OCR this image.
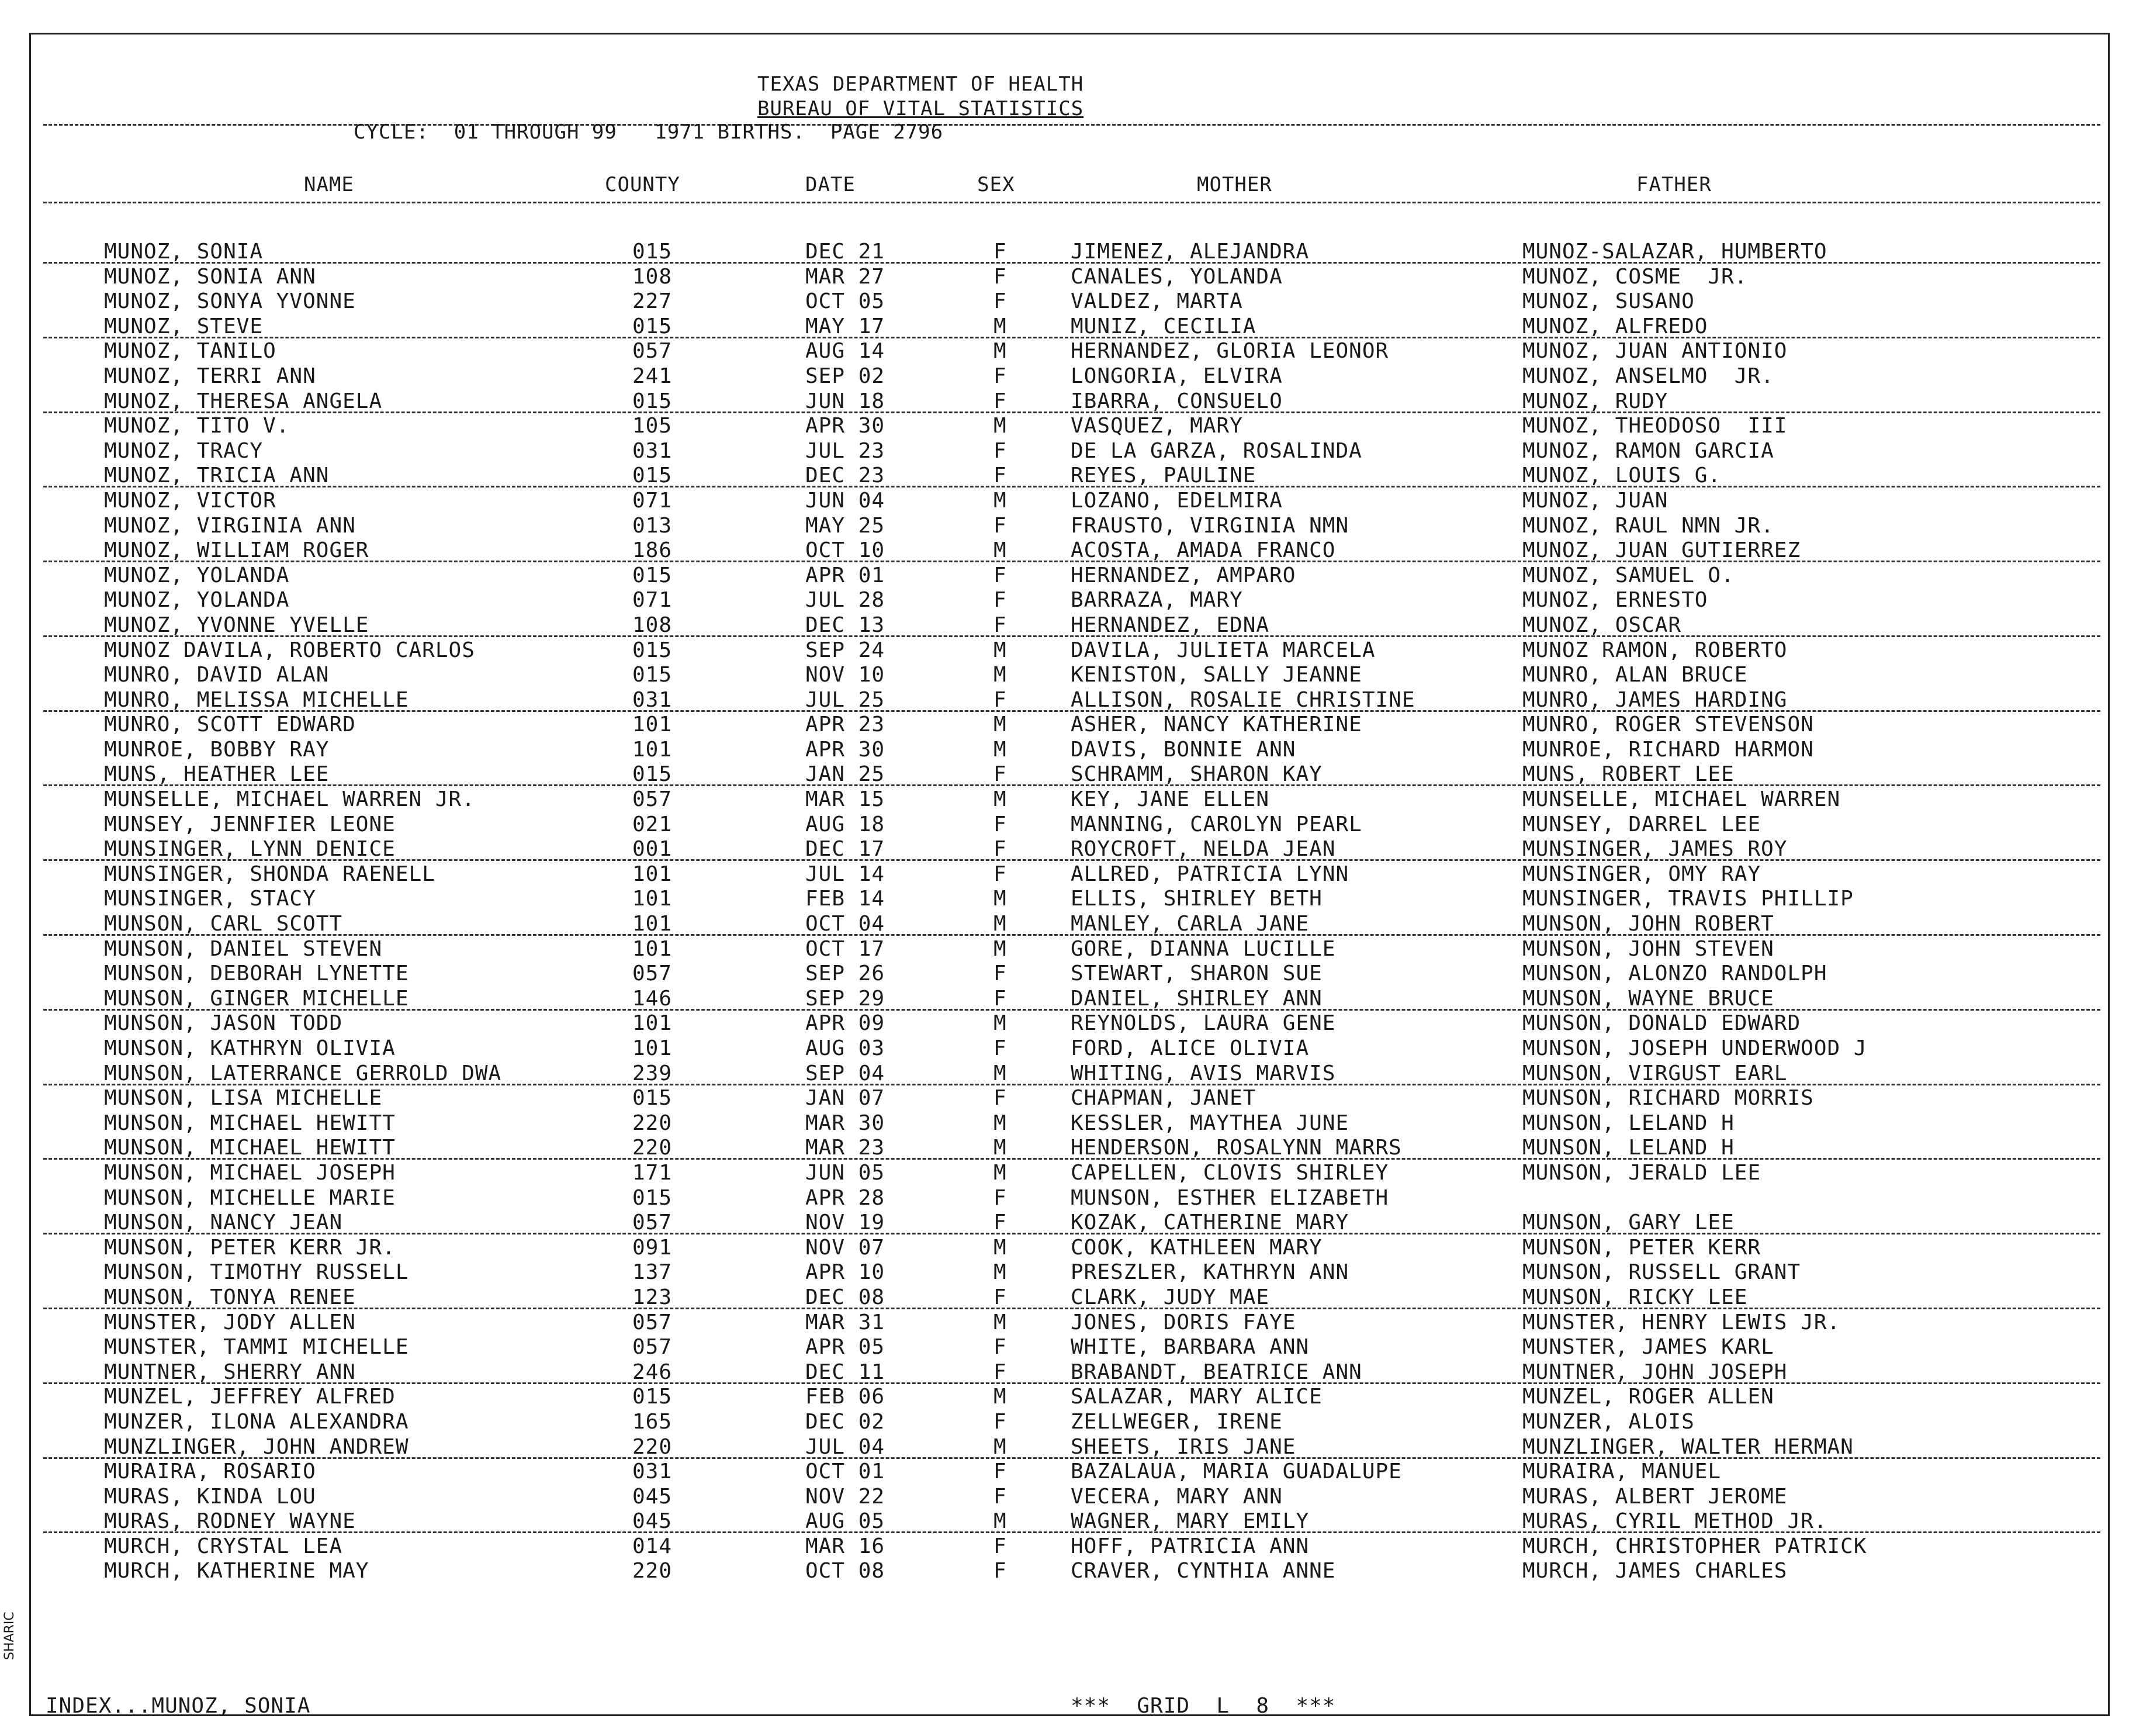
TEXAS DEPARTMENT OF HEALTH
BUREAU OF VITAL STATISTICS
CYCLE:  01 THROUGH 99   1971 BIRTHS.  PAGE 2796
NAME	COUNTY	DATE	SEX	MOTHER	FATHER
MUNOZ, SONIA	015	DEC 21	F	JIMENEZ, ALEJANDRA	MUNOZ-SALAZAR, HUMBERTO
MUNOZ, SONIA ANN	108	MAR 27	F	CANALES, YOLANDA	MUNOZ, COSME  JR.
MUNOZ, SONYA YVONNE	227	OCT 05	F	VALDEZ, MARTA	MUNOZ, SUSANO
MUNOZ, STEVE	015	MAY 17	M	MUNIZ, CECILIA	MUNOZ, ALFREDO
MUNOZ, TANILO	057	AUG 14	M	HERNANDEZ, GLORIA LEONOR	MUNOZ, JUAN ANTIONIO
MUNOZ, TERRI ANN	241	SEP 02	F	LONGORIA, ELVIRA	MUNOZ, ANSELMO  JR.
MUNOZ, THERESA ANGELA	015	JUN 18	F	IBARRA, CONSUELO	MUNOZ, RUDY
MUNOZ, TITO V.	105	APR 30	M	VASQUEZ, MARY	MUNOZ, THEODOSO  III
MUNOZ, TRACY	031	JUL 23	F	DE LA GARZA, ROSALINDA	MUNOZ, RAMON GARCIA
MUNOZ, TRICIA ANN	015	DEC 23	F	REYES, PAULINE	MUNOZ, LOUIS G.
MUNOZ, VICTOR	071	JUN 04	M	LOZANO, EDELMIRA	MUNOZ, JUAN
MUNOZ, VIRGINIA ANN	013	MAY 25	F	FRAUSTO, VIRGINIA NMN	MUNOZ, RAUL NMN JR.
MUNOZ, WILLIAM ROGER	186	OCT 10	M	ACOSTA, AMADA FRANCO	MUNOZ, JUAN GUTIERREZ
MUNOZ, YOLANDA	015	APR 01	F	HERNANDEZ, AMPARO	MUNOZ, SAMUEL O.
MUNOZ, YOLANDA	071	JUL 28	F	BARRAZA, MARY	MUNOZ, ERNESTO
MUNOZ, YVONNE YVELLE	108	DEC 13	F	HERNANDEZ, EDNA	MUNOZ, OSCAR
MUNOZ DAVILA, ROBERTO CARLOS	015	SEP 24	M	DAVILA, JULIETA MARCELA	MUNOZ RAMON, ROBERTO
MUNRO, DAVID ALAN	015	NOV 10	M	KENISTON, SALLY JEANNE	MUNRO, ALAN BRUCE
MUNRO, MELISSA MICHELLE	031	JUL 25	F	ALLISON, ROSALIE CHRISTINE	MUNRO, JAMES HARDING
MUNRO, SCOTT EDWARD	101	APR 23	M	ASHER, NANCY KATHERINE	MUNRO, ROGER STEVENSON
MUNROE, BOBBY RAY	101	APR 30	M	DAVIS, BONNIE ANN	MUNROE, RICHARD HARMON
MUNS, HEATHER LEE	015	JAN 25	F	SCHRAMM, SHARON KAY	MUNS, ROBERT LEE
MUNSELLE, MICHAEL WARREN JR.	057	MAR 15	M	KEY, JANE ELLEN	MUNSELLE, MICHAEL WARREN
MUNSEY, JENNFIER LEONE	021	AUG 18	F	MANNING, CAROLYN PEARL	MUNSEY, DARREL LEE
MUNSINGER, LYNN DENICE	001	DEC 17	F	ROYCROFT, NELDA JEAN	MUNSINGER, JAMES ROY
MUNSINGER, SHONDA RAENELL	101	JUL 14	F	ALLRED, PATRICIA LYNN	MUNSINGER, OMY RAY
MUNSINGER, STACY	101	FEB 14	M	ELLIS, SHIRLEY BETH	MUNSINGER, TRAVIS PHILLIP
MUNSON, CARL SCOTT	101	OCT 04	M	MANLEY, CARLA JANE	MUNSON, JOHN ROBERT
MUNSON, DANIEL STEVEN	101	OCT 17	M	GORE, DIANNA LUCILLE	MUNSON, JOHN STEVEN
MUNSON, DEBORAH LYNETTE	057	SEP 26	F	STEWART, SHARON SUE	MUNSON, ALONZO RANDOLPH
MUNSON, GINGER MICHELLE	146	SEP 29	F	DANIEL, SHIRLEY ANN	MUNSON, WAYNE BRUCE
MUNSON, JASON TODD	101	APR 09	M	REYNOLDS, LAURA GENE	MUNSON, DONALD EDWARD
MUNSON, KATHRYN OLIVIA	101	AUG 03	F	FORD, ALICE OLIVIA	MUNSON, JOSEPH UNDERWOOD J
MUNSON, LATERRANCE GERROLD DWA	239	SEP 04	M	WHITING, AVIS MARVIS	MUNSON, VIRGUST EARL
MUNSON, LISA MICHELLE	015	JAN 07	F	CHAPMAN, JANET	MUNSON, RICHARD MORRIS
MUNSON, MICHAEL HEWITT	220	MAR 30	M	KESSLER, MAYTHEA JUNE	MUNSON, LELAND H
MUNSON, MICHAEL HEWITT	220	MAR 23	M	HENDERSON, ROSALYNN MARRS	MUNSON, LELAND H
MUNSON, MICHAEL JOSEPH	171	JUN 05	M	CAPELLEN, CLOVIS SHIRLEY	MUNSON, JERALD LEE
MUNSON, MICHELLE MARIE	015	APR 28	F	MUNSON, ESTHER ELIZABETH
MUNSON, NANCY JEAN	057	NOV 19	F	KOZAK, CATHERINE MARY	MUNSON, GARY LEE
MUNSON, PETER KERR JR.	091	NOV 07	M	COOK, KATHLEEN MARY	MUNSON, PETER KERR
MUNSON, TIMOTHY RUSSELL	137	APR 10	M	PRESZLER, KATHRYN ANN	MUNSON, RUSSELL GRANT
MUNSON, TONYA RENEE	123	DEC 08	F	CLARK, JUDY MAE	MUNSON, RICKY LEE
MUNSTER, JODY ALLEN	057	MAR 31	M	JONES, DORIS FAYE	MUNSTER, HENRY LEWIS JR.
MUNSTER, TAMMI MICHELLE	057	APR 05	F	WHITE, BARBARA ANN	MUNSTER, JAMES KARL
MUNTNER, SHERRY ANN	246	DEC 11	F	BRABANDT, BEATRICE ANN	MUNTNER, JOHN JOSEPH
MUNZEL, JEFFREY ALFRED	015	FEB 06	M	SALAZAR, MARY ALICE	MUNZEL, ROGER ALLEN
MUNZER, ILONA ALEXANDRA	165	DEC 02	F	ZELLWEGER, IRENE	MUNZER, ALOIS
MUNZLINGER, JOHN ANDREW	220	JUL 04	M	SHEETS, IRIS JANE	MUNZLINGER, WALTER HERMAN
MURAIRA, ROSARIO	031	OCT 01	F	BAZALAUA, MARIA GUADALUPE	MURAIRA, MANUEL
MURAS, KINDA LOU	045	NOV 22	F	VECERA, MARY ANN	MURAS, ALBERT JEROME
MURAS, RODNEY WAYNE	045	AUG 05	M	WAGNER, MARY EMILY	MURAS, CYRIL METHOD JR.
MURCH, CRYSTAL LEA	014	MAR 16	F	HOFF, PATRICIA ANN	MURCH, CHRISTOPHER PATRICK
MURCH, KATHERINE MAY	220	OCT 08	F	CRAVER, CYNTHIA ANNE	MURCH, JAMES CHARLES
INDEX...MUNOZ, SONIA	***  GRID  L  8  ***
SHARIC
